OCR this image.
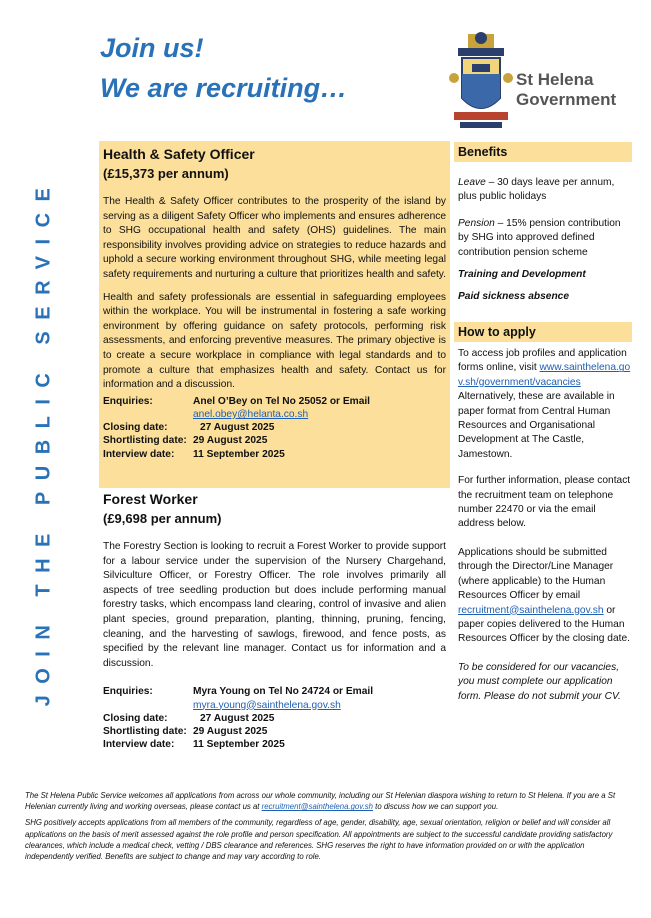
Join us!
We are recruiting…	St Helena
Government
JOIN THE PUBLIC SERVICE
Health & Safety Officer
(£15,373 per annum)
The Health & Safety Officer contributes to the prosperity of the island by serving as a diligent Safety Officer who implements and ensures adherence to SHG occupational health and safety (OHS) guidelines. The main responsibility involves providing advice on strategies to reduce hazards and uphold a secure working environment throughout SHG, while meeting legal safety requirements and nurturing a culture that prioritizes health and safety.
Health and safety professionals are essential in safeguarding employees within the workplace. You will be instrumental in fostering a safe working environment by offering guidance on safety protocols, performing risk assessments, and enforcing preventive measures. The primary objective is to create a secure workplace in compliance with legal standards and to promote a culture that emphasizes health and safety. Contact us for information and a discussion.
Enquiries:	Anel O’Bey on Tel No 25052 or Email
anel.obey@helanta.co.sh
Closing date:	27 August 2025
Shortlisting date: 29 August 2025
Interview date:	11 September 2025
Forest Worker
(£9,698 per annum)
The Forestry Section is looking to recruit a Forest Worker to provide support for a labour service under the supervision of the Nursery Chargehand, Silviculture Officer, or Forestry Officer. The role involves primarily all aspects of tree seedling production but does include performing manual forestry tasks, which encompass land clearing, control of invasive and alien plant species, ground preparation, planting, thinning, pruning, fencing, cleaning, and the harvesting of sawlogs, firewood, and fence posts, as specified by the relevant line manager. Contact us for information and a discussion.
Enquiries:	Myra Young on Tel No 24724 or Email
myra.young@sainthelena.gov.sh
Closing date:	27 August 2025
Shortlisting date: 29 August 2025
Interview date:	11 September 2025
Benefits

Leave – 30 days leave per annum, plus public holidays

Pension – 15% pension contribution by SHG into approved defined contribution pension scheme

Training and Development

Paid sickness absence

How to apply

To access job profiles and application forms online, visit www.sainthelena.gov.sh/government/vacancies Alternatively, these are available in paper format from Central Human Resources and Organisational Development at The Castle, Jamestown.

For further information, please contact the recruitment team on telephone number 22470 or via the email address below.

Applications should be submitted through the Director/Line Manager (where applicable) to the Human Resources Officer by email recruitment@sainthelena.gov.sh or paper copies delivered to the Human Resources Officer by the closing date.

To be considered for our vacancies, you must complete our application form. Please do not submit your CV.

The St Helena Public Service welcomes all applications from across our whole community, including our St Helenian diaspora wishing to return to St Helena. If you are a St Helenian currently living and working overseas, please contact us at recruitment@sainthelena.gov.sh to discuss how we can support you.

SHG positively accepts applications from all members of the community, regardless of age, gender, disability, age, sexual orientation, religion or belief and will consider all applications on the basis of merit assessed against the role profile and person specification. All appointments are subject to the successful candidate providing satisfactory clearances, which include a medical check, vetting / DBS clearance and references. SHG reserves the right to have information provided on or with the application independently verified. Benefits are subject to change and may vary according to role.
